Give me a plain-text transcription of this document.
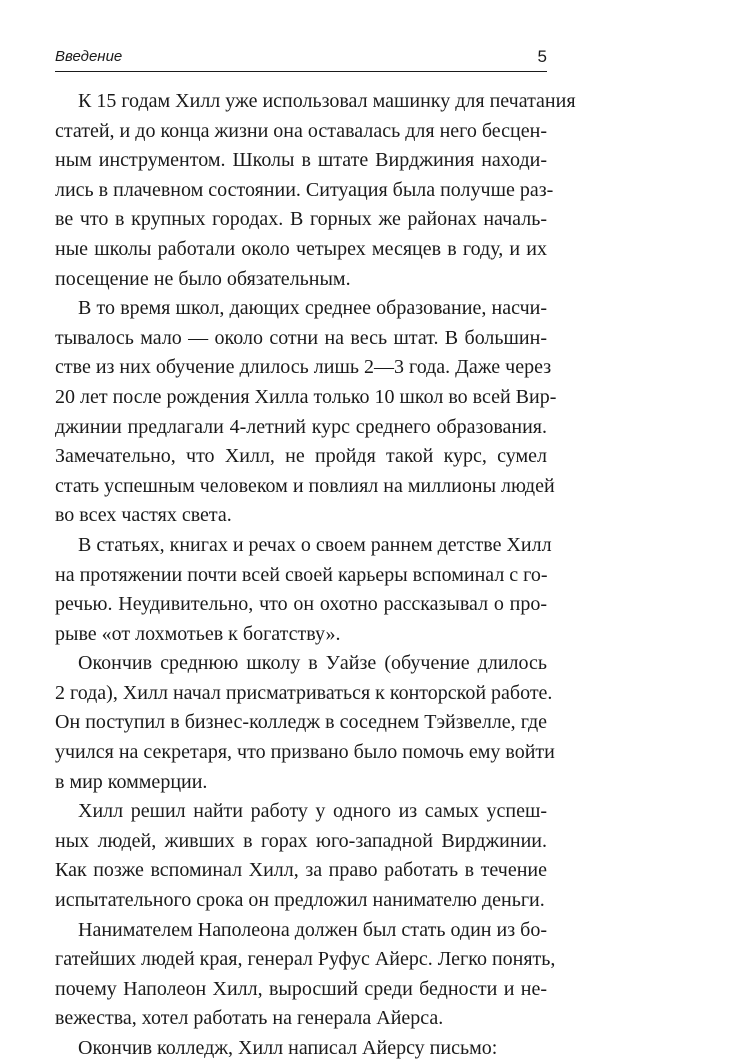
Введение	5
К 15 годам Хилл уже использовал машинку для печатания
статей, и до конца жизни она оставалась для него бесцен-
ным инструментом. Школы в штате Вирджиния находи-
лись в плачевном состоянии. Ситуация была получше раз-
ве что в крупных городах. В горных же районах началь-
ные школы работали около четырех месяцев в году, и их
посещение не было обязательным.
В то время школ, дающих среднее образование, насчи-
тывалось мало — около сотни на весь штат. В большин-
стве из них обучение длилось лишь 2—3 года. Даже через
20 лет после рождения Хилла только 10 школ во всей Вир-
джинии предлагали 4-летний курс среднего образования.
Замечательно, что Хилл, не пройдя такой курс, сумел
стать успешным человеком и повлиял на миллионы людей
во всех частях света.
В статьях, книгах и речах о своем раннем детстве Хилл
на протяжении почти всей своей карьеры вспоминал с го-
речью. Неудивительно, что он охотно рассказывал о про-
рыве «от лохмотьев к богатству».
Окончив среднюю школу в Уайзе (обучение длилось
2 года), Хилл начал присматриваться к конторской работе.
Он поступил в бизнес-колледж в соседнем Тэйзвелле, где
учился на секретаря, что призвано было помочь ему войти
в мир коммерции.
Хилл решил найти работу у одного из самых успеш-
ных людей, живших в горах юго-западной Вирджинии.
Как позже вспоминал Хилл, за право работать в течение
испытательного срока он предложил нанимателю деньги.
Нанимателем Наполеона должен был стать один из бо-
гатейших людей края, генерал Руфус Айерс. Легко понять,
почему Наполеон Хилл, выросший среди бедности и не-
вежества, хотел работать на генерала Айерса.
Окончив колледж, Хилл написал Айерсу письмо:
